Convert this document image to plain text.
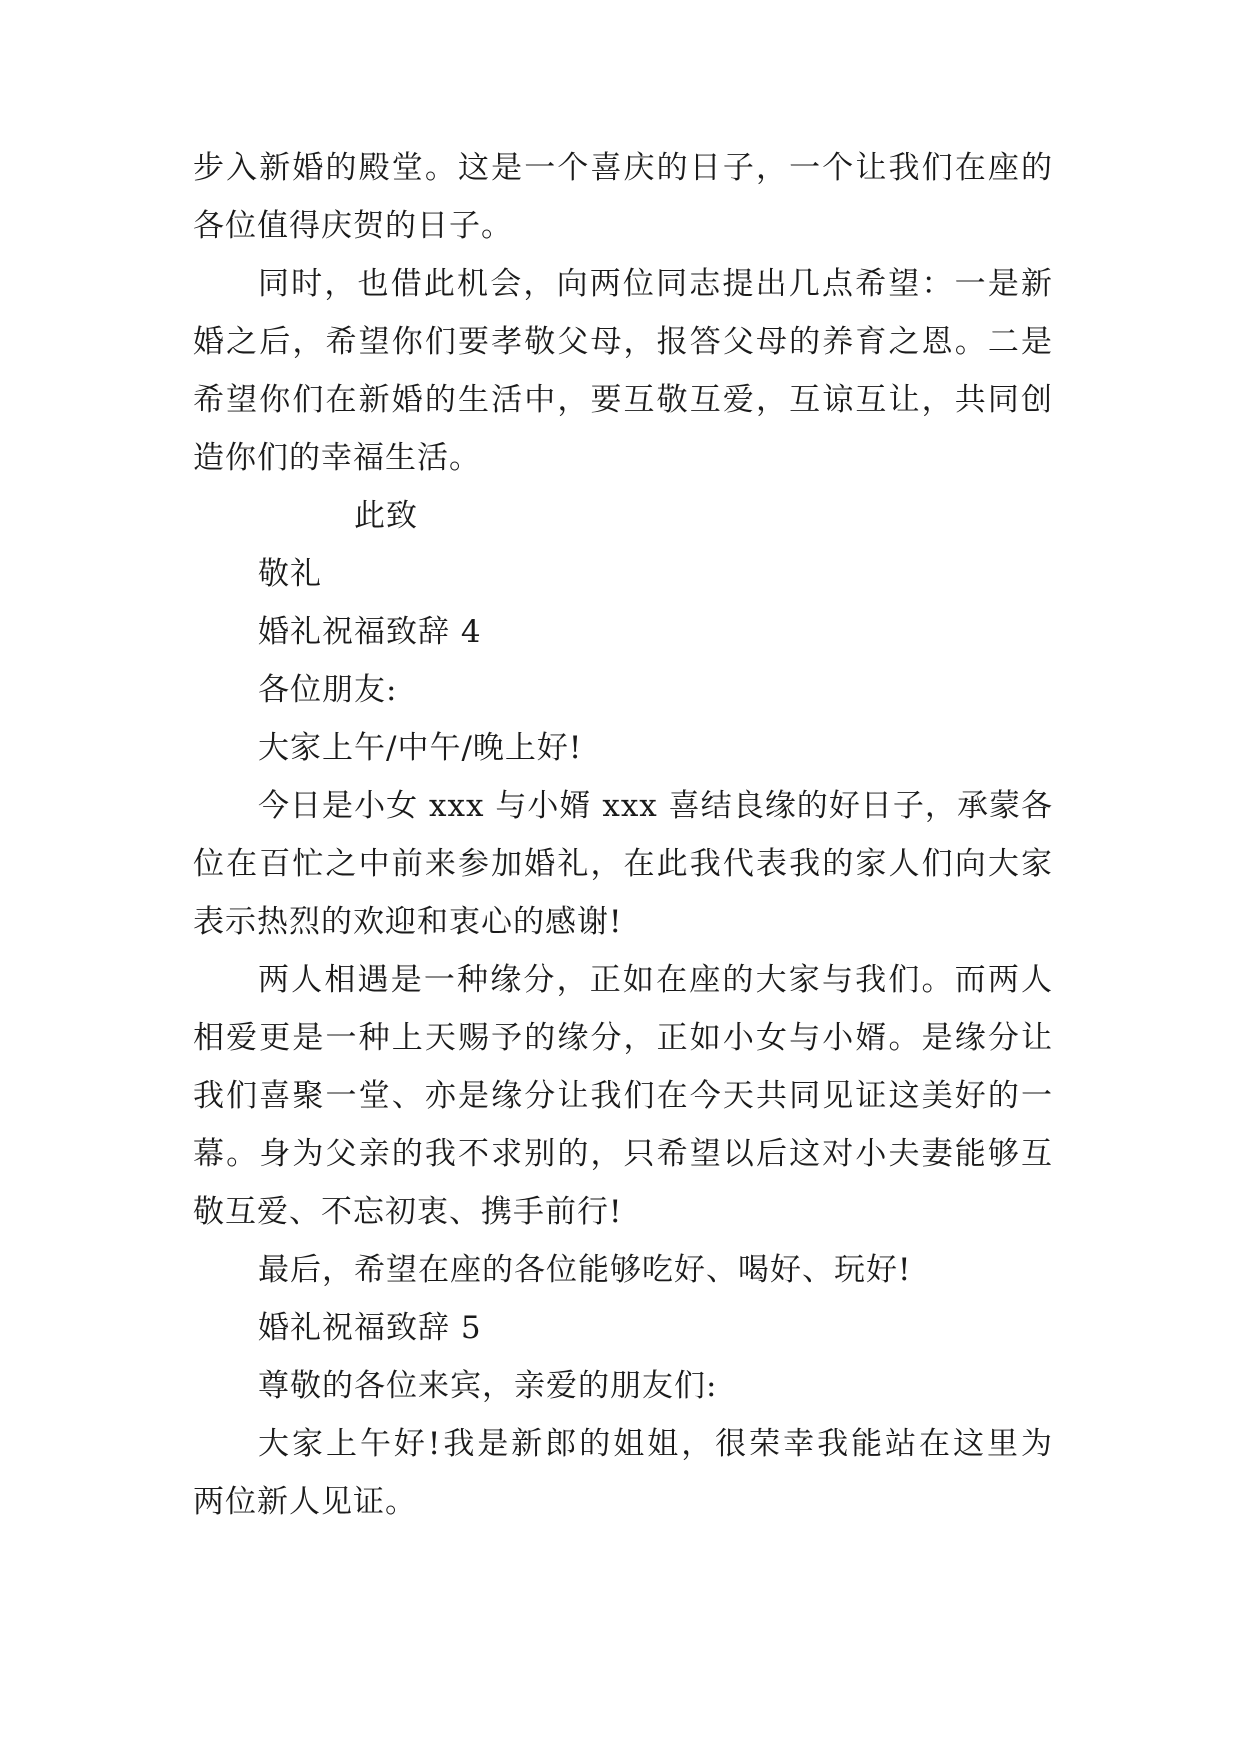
步入新婚的殿堂。这是一个喜庆的日子，一个让我们在座的
各位值得庆贺的日子。
同时，也借此机会，向两位同志提出几点希望：一是新
婚之后，希望你们要孝敬父母，报答父母的养育之恩。二是
希望你们在新婚的生活中，要互敬互爱，互谅互让，共同创
造你们的幸福生活。
此致
敬礼
婚礼祝福致辞 4
各位朋友:
大家上午/中午/晚上好!
今日是小女 xxx 与小婿 xxx 喜结良缘的好日子，承蒙各
位在百忙之中前来参加婚礼，在此我代表我的家人们向大家
表示热烈的欢迎和衷心的感谢!
两人相遇是一种缘分，正如在座的大家与我们。而两人
相爱更是一种上天赐予的缘分，正如小女与小婿。是缘分让
我们喜聚一堂、亦是缘分让我们在今天共同见证这美好的一
幕。身为父亲的我不求别的，只希望以后这对小夫妻能够互
敬互爱、不忘初衷、携手前行!
最后，希望在座的各位能够吃好、喝好、玩好!
婚礼祝福致辞 5
尊敬的各位来宾，亲爱的朋友们:
大家上午好!我是新郎的姐姐，很荣幸我能站在这里为
两位新人见证。
